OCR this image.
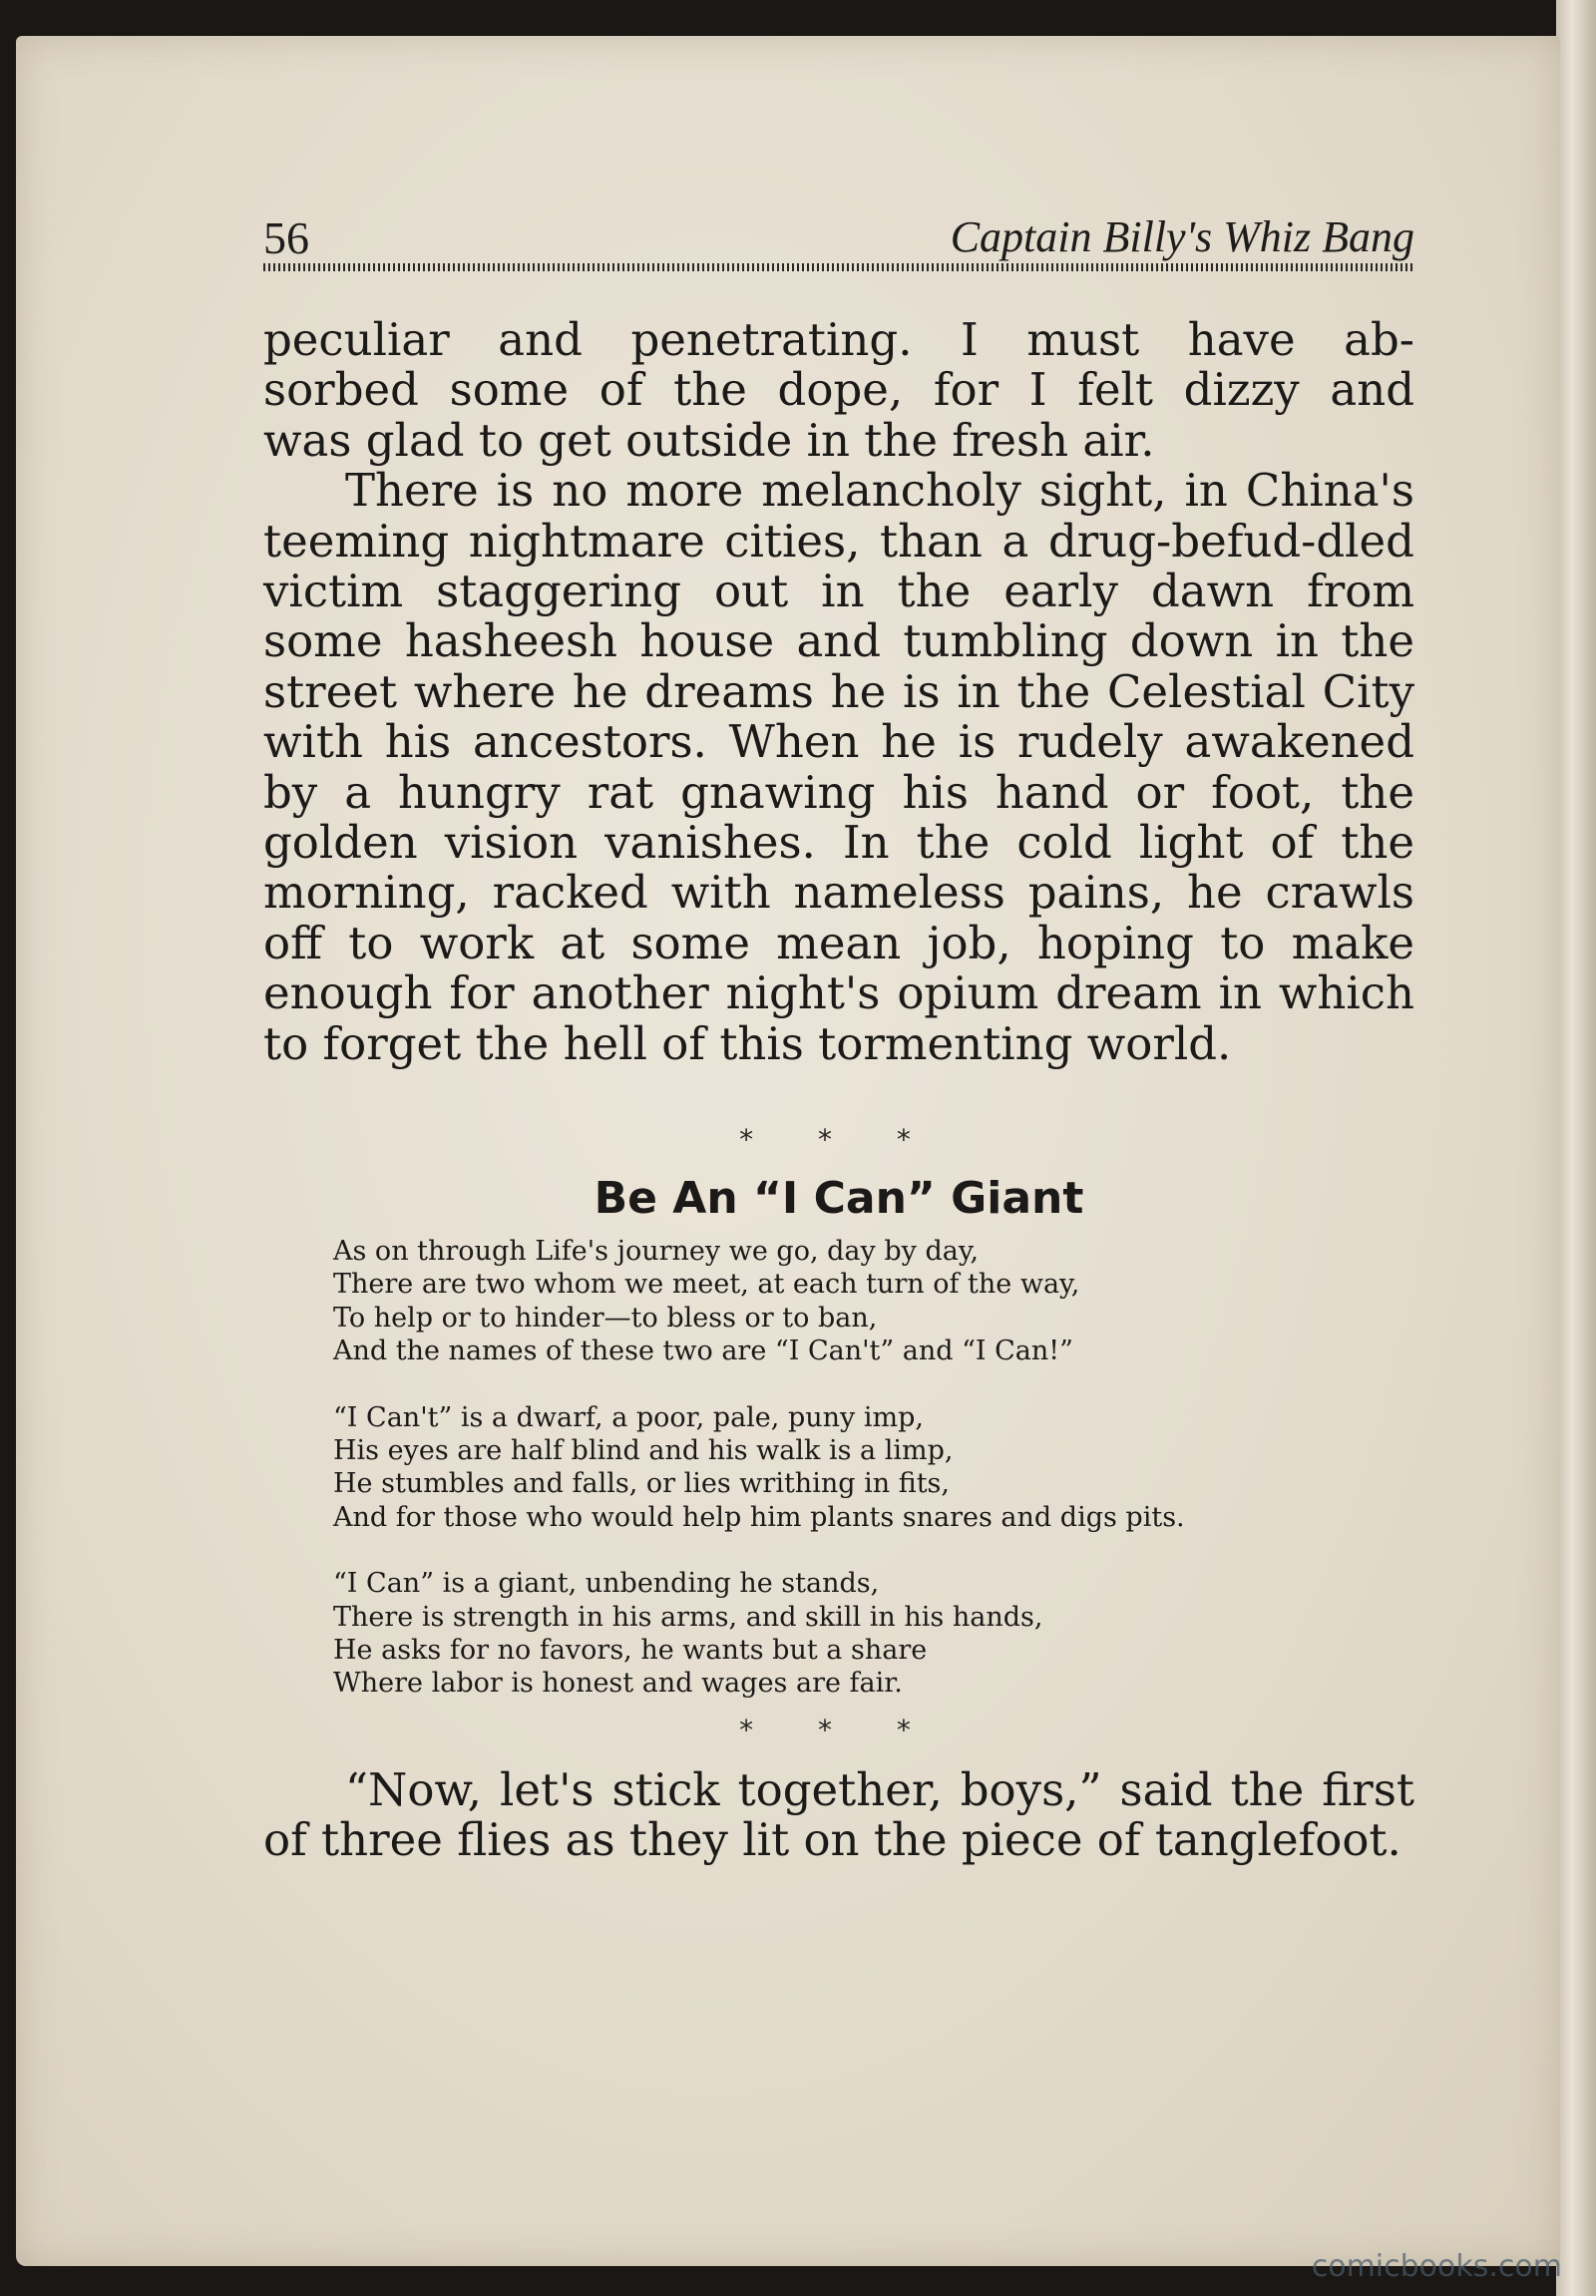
56	Captain Billy's Whiz Bang

peculiar and penetrating. I must have ab-

sorbed some of the dope, for I felt dizzy and

was glad to get outside in the fresh air.

There is no more melancholy sight, in China's teeming nightmare cities, than a drug-befud-dled victim staggering out in the early dawn from some hasheesh house and tumbling down in the street where he dreams he is in the Celestial City with his ancestors. When he is rudely awakened by a hungry rat gnawing his hand or foot, the golden vision vanishes. In the cold light of the morning, racked with nameless pains, he crawls off to work at some mean job, hoping to make enough for another night's opium dream in which to forget the hell of this tormenting world.

* * *
Be An “I Can” Giant
As on through Life's journey we go, day by day,
There are two whom we meet, at each turn of the way,
To help or to hinder—to bless or to ban,
And the names of these two are “I Can't” and “I Can!”
“I Can't” is a dwarf, a poor, pale, puny imp,
His eyes are half blind and his walk is a limp,
He stumbles and falls, or lies writhing in fits,
And for those who would help him plants snares and digs pits.
“I Can” is a giant, unbending he stands,
There is strength in his arms, and skill in his hands,
He asks for no favors, he wants but a share
Where labor is honest and wages are fair.
* * *

“Now, let's stick together, boys,” said the first of three flies as they lit on the piece of tanglefoot.

comicbooks.com
